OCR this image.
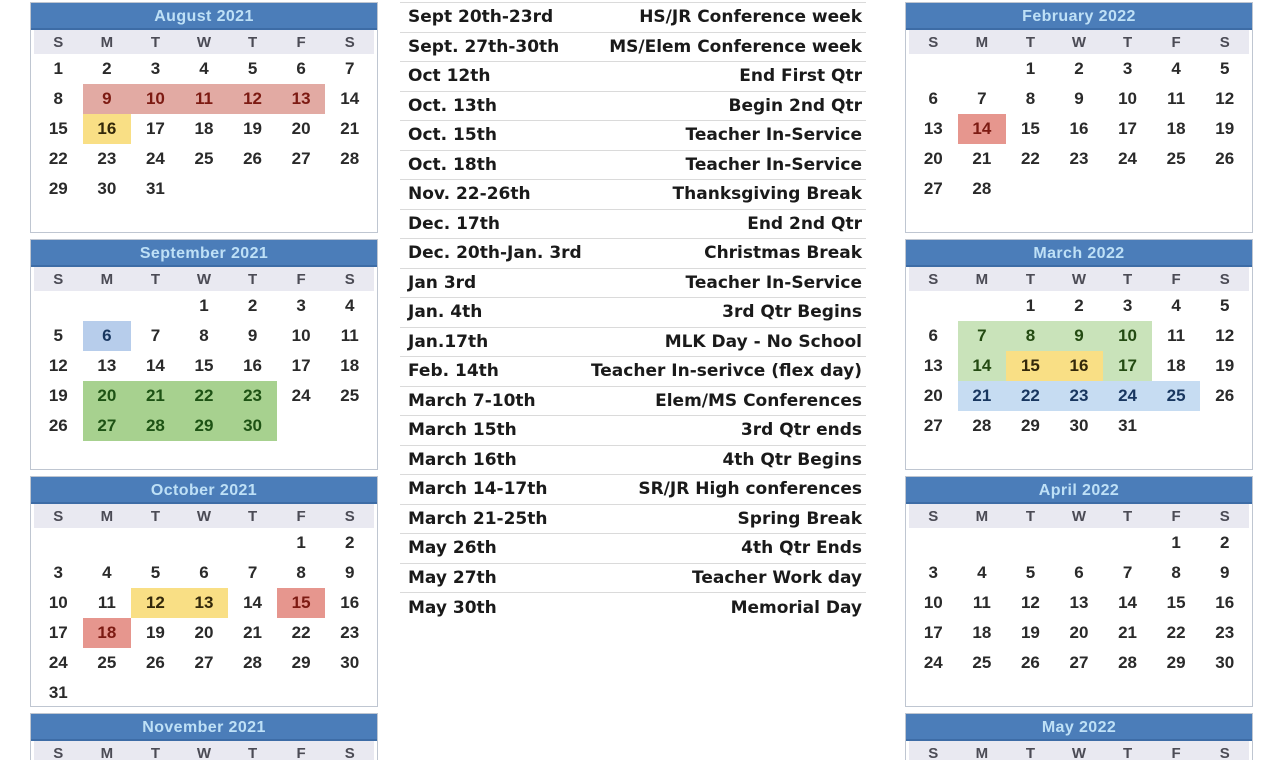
August 2021
S	M	T	W	T	F	S
1	2	3	4	5	6	7
8	9	10	11	12	13	14
15	16	17	18	19	20	21
22	23	24	25	26	27	28
29	30	31
September 2021
S	M	T	W	T	F	S
1	2	3	4
5	6	7	8	9	10	11
12	13	14	15	16	17	18
19	20	21	22	23	24	25
26	27	28	29	30
October 2021
S	M	T	W	T	F	S
1	2
3	4	5	6	7	8	9
10	11	12	13	14	15	16
17	18	19	20	21	22	23
24	25	26	27	28	29	30
31
November 2021
S	M	T	W	T	F	S
Sept 20th-23rd	HS/JR Conference week
Sept. 27th-30th	MS/Elem Conference week
Oct 12th	End First Qtr
Oct. 13th	Begin 2nd Qtr
Oct. 15th	Teacher In-Service
Oct. 18th	Teacher In-Service
Nov. 22-26th	Thanksgiving Break
Dec. 17th	End 2nd Qtr
Dec. 20th-Jan. 3rd	Christmas Break
Jan 3rd	Teacher In-Service
Jan. 4th	3rd Qtr Begins
Jan.17th	MLK Day - No School
Feb. 14th	Teacher In-serivce (flex day)
March 7-10th	Elem/MS Conferences
March 15th	3rd Qtr ends
March 16th	4th Qtr Begins
March 14-17th	SR/JR High conferences
March 21-25th	Spring Break
May 26th	4th Qtr Ends
May 27th	Teacher Work day
May 30th	Memorial Day
February 2022
S	M	T	W	T	F	S
1	2	3	4	5
6	7	8	9	10	11	12
13	14	15	16	17	18	19
20	21	22	23	24	25	26
27	28
March 2022
S	M	T	W	T	F	S
1	2	3	4	5
6	7	8	9	10	11	12
13	14	15	16	17	18	19
20	21	22	23	24	25	26
27	28	29	30	31
April 2022
S	M	T	W	T	F	S
1	2
3	4	5	6	7	8	9
10	11	12	13	14	15	16
17	18	19	20	21	22	23
24	25	26	27	28	29	30
May 2022
S	M	T	W	T	F	S
